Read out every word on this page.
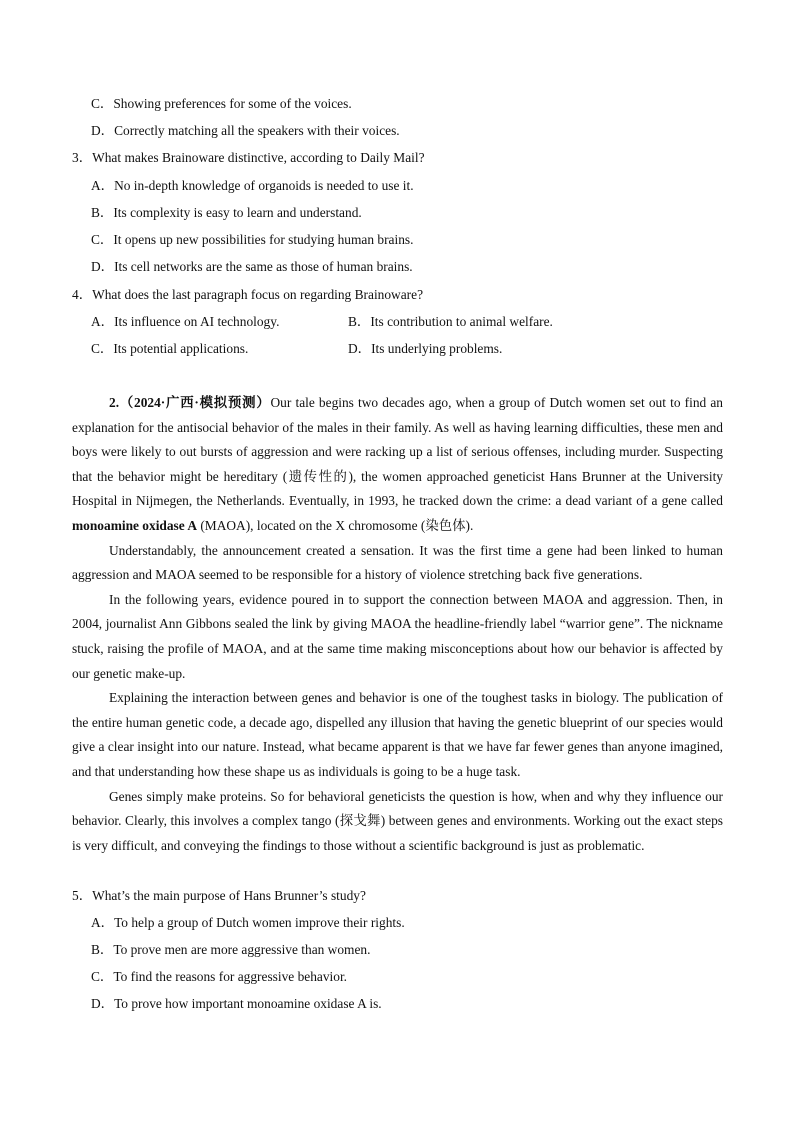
C．Showing preferences for some of the voices.
D．Correctly matching all the speakers with their voices.
3．What makes Brainoware distinctive, according to Daily Mail?
A．No in-depth knowledge of organoids is needed to use it.
B．Its complexity is easy to learn and understand.
C．It opens up new possibilities for studying human brains.
D．Its cell networks are the same as those of human brains.
4．What does the last paragraph focus on regarding Brainoware?
A．Its influence on AI technology.	B．Its contribution to animal welfare.
C．Its potential applications.	D．Its underlying problems.

2.（2024·广西·模拟预测）Our tale begins two decades ago, when a group of Dutch women set out to find an explanation for the antisocial behavior of the males in their family. As well as having learning difficulties, these men and boys were likely to out bursts of aggression and were racking up a list of serious offenses, including murder. Suspecting that the behavior might be hereditary (遗传性的), the women approached geneticist Hans Brunner at the University Hospital in Nijmegen, the Netherlands. Eventually, in 1993, he tracked down the crime: a dead variant of a gene called monoamine oxidase A (MAOA), located on the X chromosome (染色体).

Understandably, the announcement created a sensation. It was the first time a gene had been linked to human aggression and MAOA seemed to be responsible for a history of violence stretching back five generations.

In the following years, evidence poured in to support the connection between MAOA and aggression. Then, in 2004, journalist Ann Gibbons sealed the link by giving MAOA the headline-friendly label “warrior gene”. The nickname stuck, raising the profile of MAOA, and at the same time making misconceptions about how our behavior is affected by our genetic make-up.

Explaining the interaction between genes and behavior is one of the toughest tasks in biology. The publication of the entire human genetic code, a decade ago, dispelled any illusion that having the genetic blueprint of our species would give a clear insight into our nature. Instead, what became apparent is that we have far fewer genes than anyone imagined, and that understanding how these shape us as individuals is going to be a huge task.

Genes simply make proteins. So for behavioral geneticists the question is how, when and why they influence our behavior. Clearly, this involves a complex tango (探戈舞) between genes and environments. Working out the exact steps is very difficult, and conveying the findings to those without a scientific background is just as problematic.

5．What’s the main purpose of Hans Brunner’s study?
A．To help a group of Dutch women improve their rights.
B．To prove men are more aggressive than women.
C．To find the reasons for aggressive behavior.
D．To prove how important monoamine oxidase A is.
